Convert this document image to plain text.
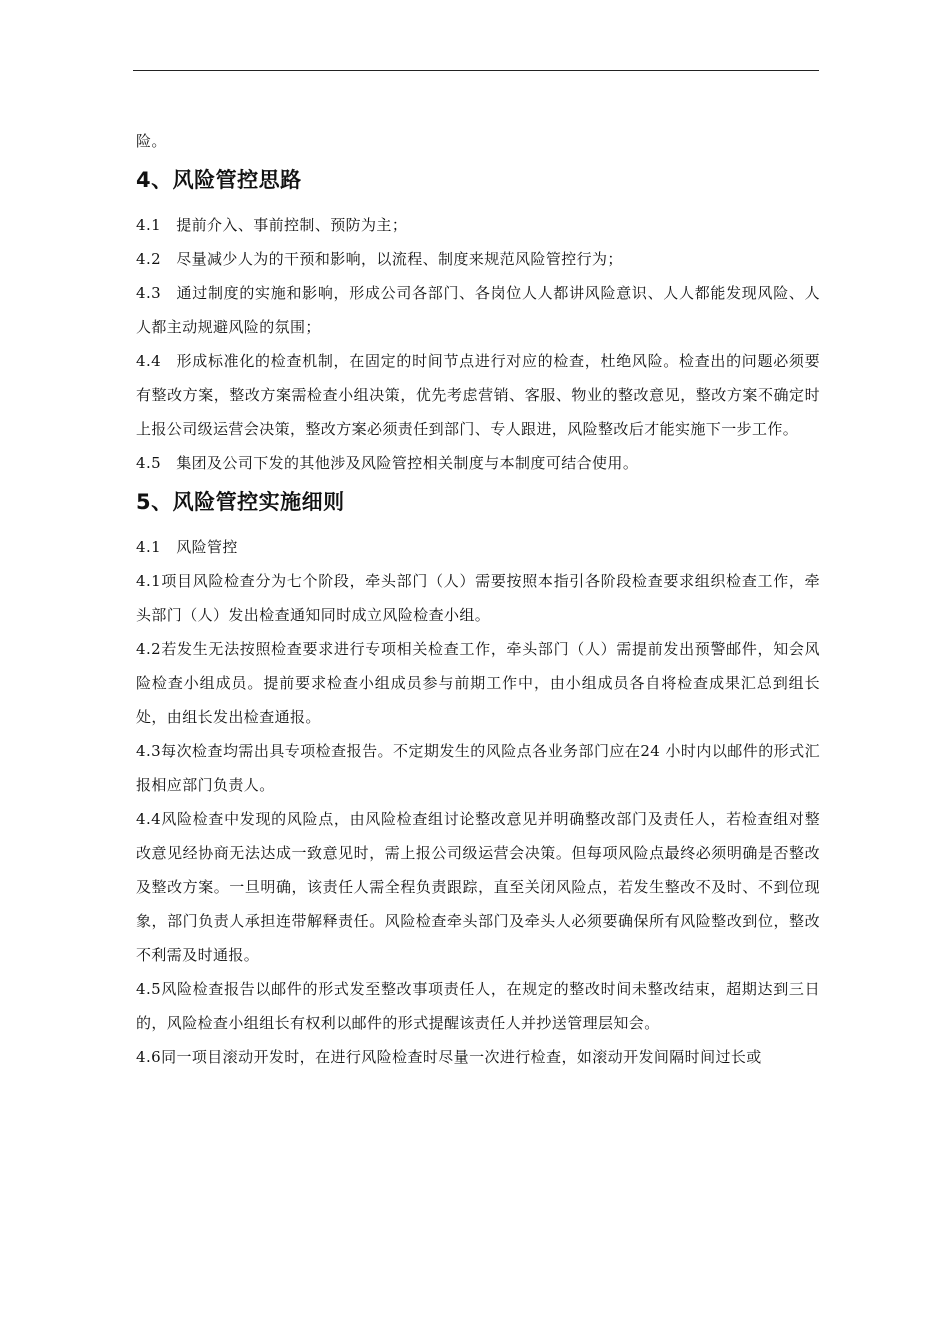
险。

4、风险管控思路

4.1 提前介入、事前控制、预防为主；

4.2 尽量减少人为的干预和影响，以流程、制度来规范风险管控行为；

4.3 通过制度的实施和影响，形成公司各部门、各岗位人人都讲风险意识、人人都能发现风险、人人都主动规避风险的氛围；

4.4 形成标准化的检查机制，在固定的时间节点进行对应的检查，杜绝风险。检查出的问题必须要有整改方案，整改方案需检查小组决策，优先考虑营销、客服、物业的整改意见，整改方案不确定时上报公司级运营会决策，整改方案必须责任到部门、专人跟进，风险整改后才能实施下一步工作。

4.5 集团及公司下发的其他涉及风险管控相关制度与本制度可结合使用。

5、风险管控实施细则

4.1 风险管控

4.1项目风险检查分为七个阶段，牵头部门（人）需要按照本指引各阶段检查要求组织检查工作，牵头部门（人）发出检查通知同时成立风险检查小组。

4.2若发生无法按照检查要求进行专项相关检查工作，牵头部门（人）需提前发出预警邮件，知会风险检查小组成员。提前要求检查小组成员参与前期工作中，由小组成员各自将检查成果汇总到组长处，由组长发出检查通报。

4.3每次检查均需出具专项检查报告。不定期发生的风险点各业务部门应在24 小时内以邮件的形式汇报相应部门负责人。

4.4风险检查中发现的风险点，由风险检查组讨论整改意见并明确整改部门及责任人，若检查组对整改意见经协商无法达成一致意见时，需上报公司级运营会决策。但每项风险点最终必须明确是否整改及整改方案。一旦明确，该责任人需全程负责跟踪，直至关闭风险点，若发生整改不及时、不到位现象，部门负责人承担连带解释责任。风险检查牵头部门及牵头人必须要确保所有风险整改到位，整改不利需及时通报。

4.5风险检查报告以邮件的形式发至整改事项责任人，在规定的整改时间未整改结束，超期达到三日的，风险检查小组组长有权利以邮件的形式提醒该责任人并抄送管理层知会。

4.6同一项目滚动开发时，在进行风险检查时尽量一次进行检查，如滚动开发间隔时间过长或
